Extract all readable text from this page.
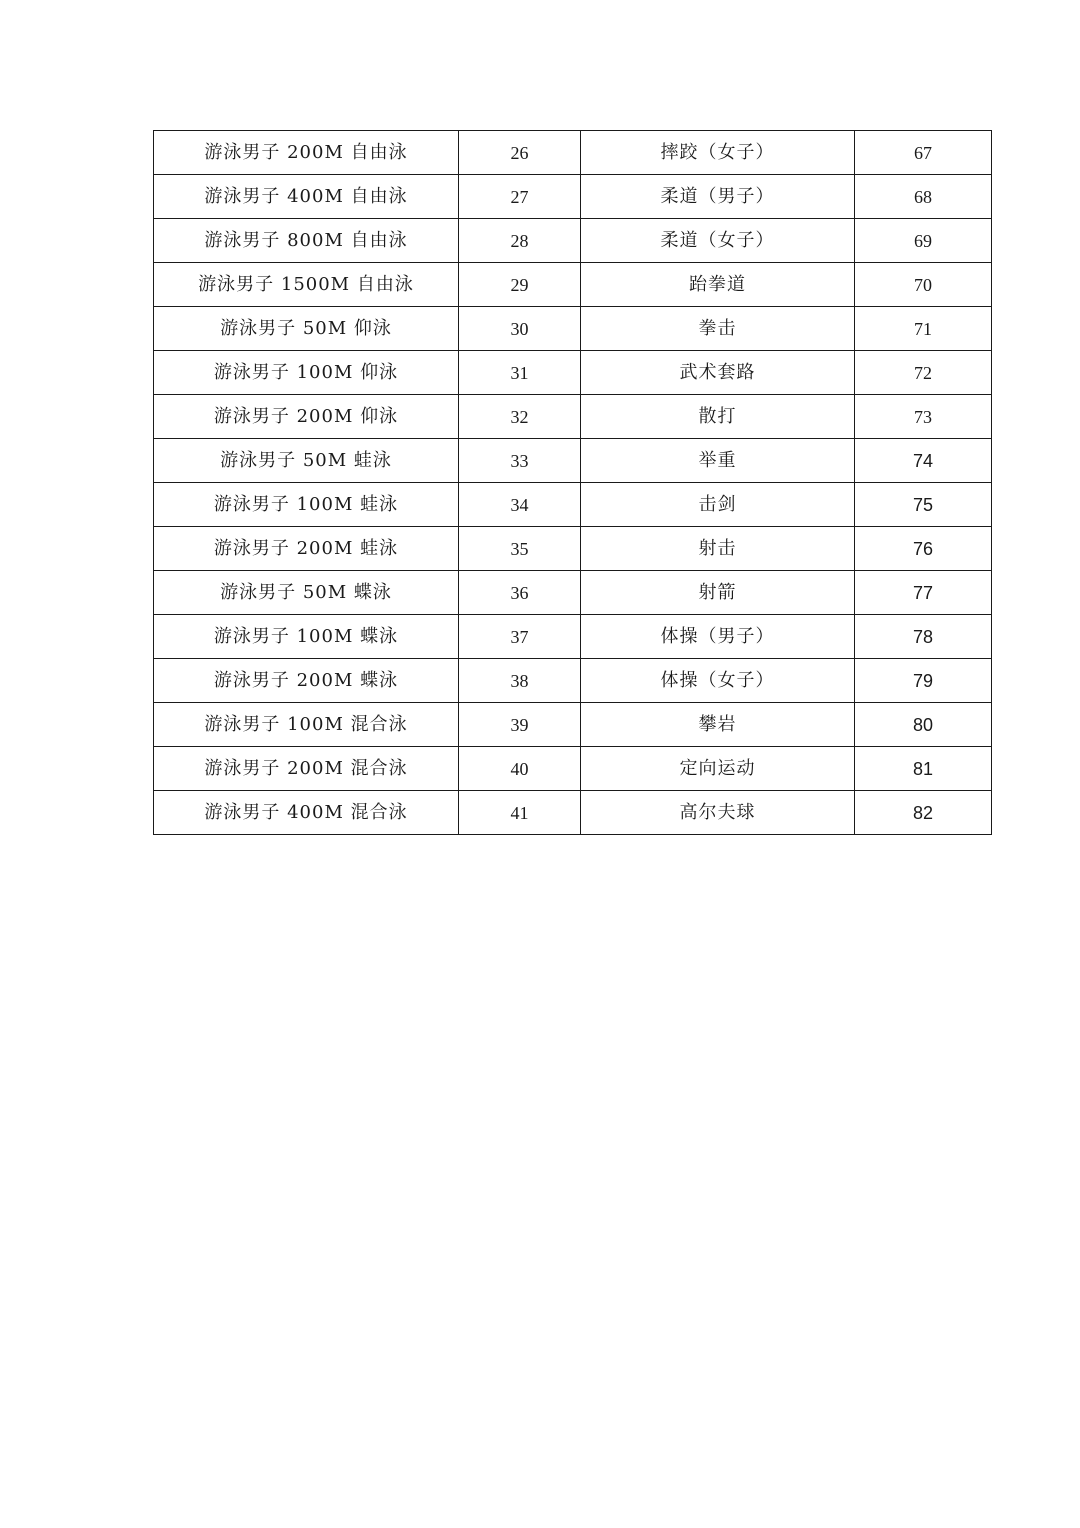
游泳男子 200M 自由泳	26	摔跤（女子）	67
游泳男子 400M 自由泳	27	柔道（男子）	68
游泳男子 800M 自由泳	28	柔道（女子）	69
游泳男子 1500M 自由泳	29	跆拳道	70
游泳男子 50M 仰泳	30	拳击	71
游泳男子 100M 仰泳	31	武术套路	72
游泳男子 200M 仰泳	32	散打	73
游泳男子 50M 蛙泳	33	举重	74
游泳男子 100M 蛙泳	34	击剑	75
游泳男子 200M 蛙泳	35	射击	76
游泳男子 50M 蝶泳	36	射箭	77
游泳男子 100M 蝶泳	37	体操（男子）	78
游泳男子 200M 蝶泳	38	体操（女子）	79
游泳男子 100M 混合泳	39	攀岩	80
游泳男子 200M 混合泳	40	定向运动	81
游泳男子 400M 混合泳	41	高尔夫球	82
